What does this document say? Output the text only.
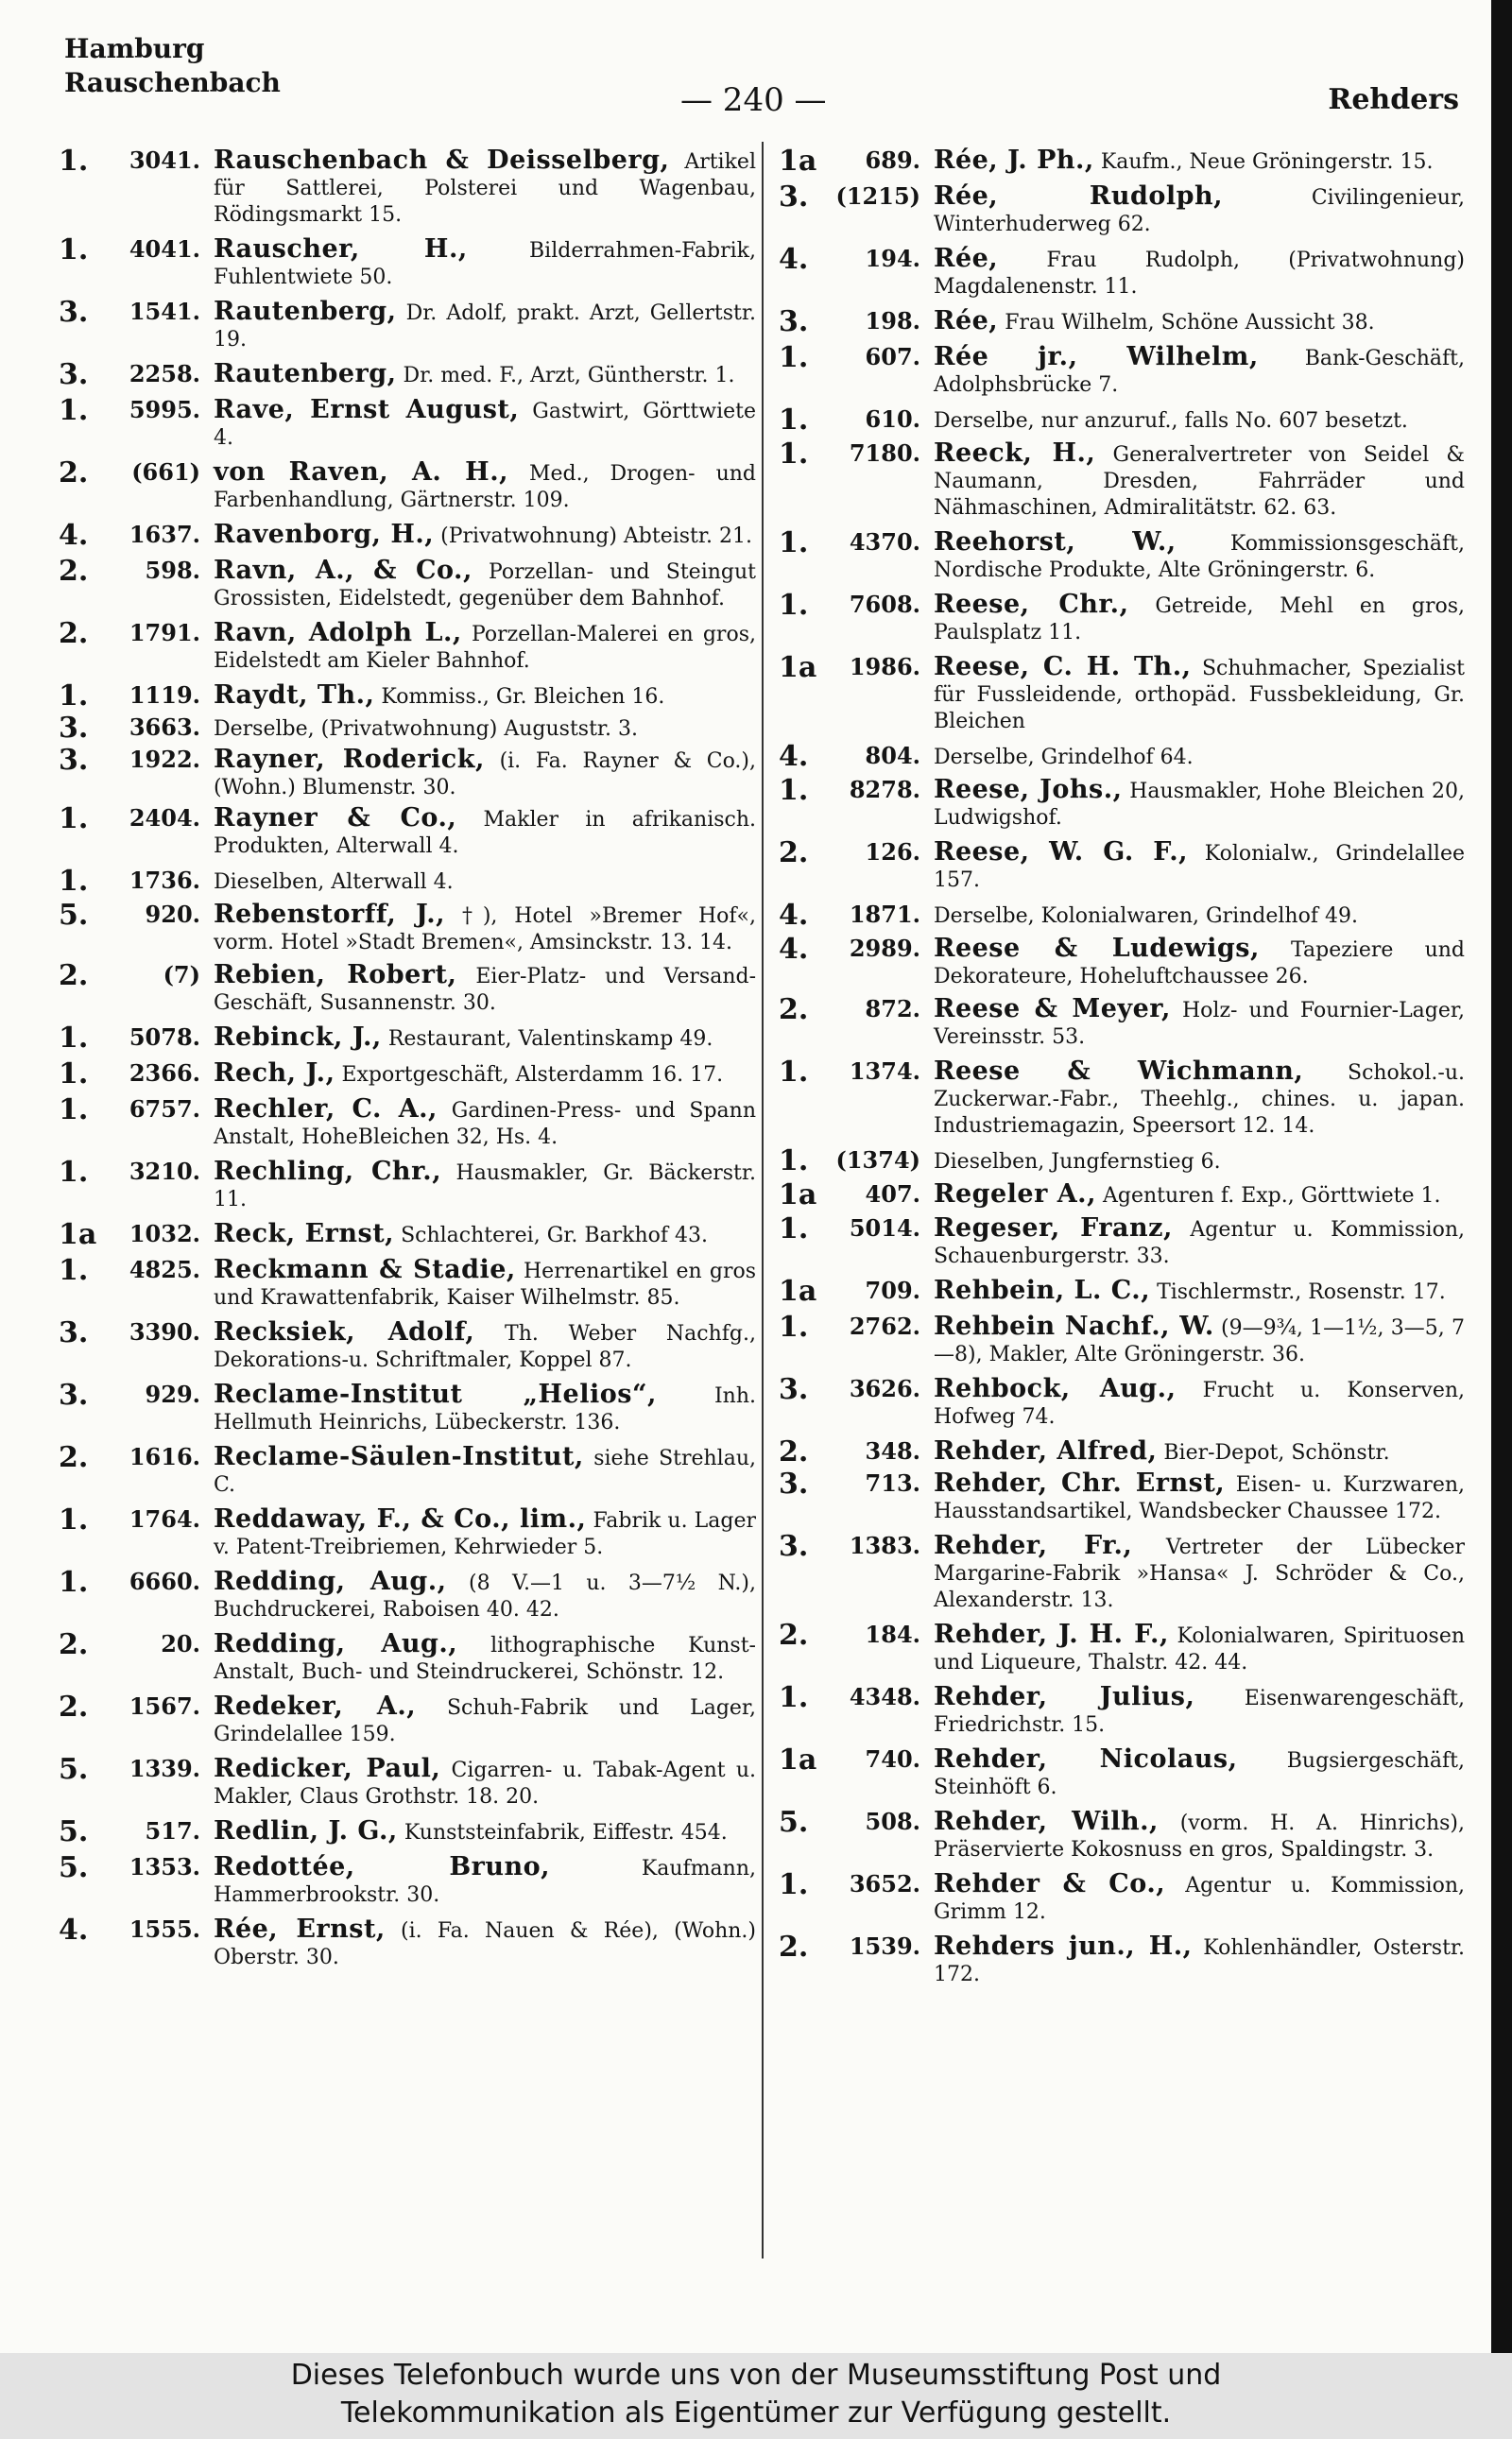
Hamburg
Rauschenbach	— 240 —	Rehders
1.	3041. Rauschenbach & Deisselberg, Artikel für Sattlerei, Polsterei und Wagenbau, Rödingsmarkt 15.
1.	4041. Rauscher, H.,	Bilderrahmen-Fabrik, Fuhlentwiete 50.
3.	1541. Rautenberg, Dr. Adolf, prakt. Arzt, Gellertstr. 19.
3.	2258. Rautenberg, Dr. med. F., Arzt, Güntherstr. 1.
1.	5995. Rave, Ernst August, Gastwirt, Görttwiete 4.
2.	(661) von Raven, A. H., Med., Drogen- und Farbenhandlung, Gärtnerstr. 109.
4.	1637. Ravenborg, H., (Privatwohnung) Abteistr. 21.
2.	598. Ravn, A., & Co., Porzellan- und Steingut Grossisten, Eidelstedt, gegenüber dem Bahnhof.
2.	1791. Ravn, Adolph L., Porzellan-Malerei en gros, Eidelstedt am Kieler Bahnhof.
1.	1119. Raydt, Th., Kommiss., Gr. Bleichen 16.
3.	3663. Derselbe, (Privatwohnung) Auguststr. 3.
3.	1922. Rayner, Roderick, (i. Fa. Rayner & Co.), (Wohn.) Blumenstr. 30.
1.	2404. Rayner & Co., Makler in afrikanisch. Produkten, Alterwall 4.
1.	1736. Dieselben, Alterwall 4.
5.	920. Rebenstorff, J., †), Hotel »Bremer Hof«, vorm. Hotel »Stadt Bremen«, Amsinckstr. 13. 14.
2.	(7) Rebien, Robert, Eier-Platz- und Versand-Geschäft, Susannenstr. 30.
1.	5078. Rebinck, J., Restaurant, Valentinskamp 49.
1.	2366. Rech, J., Exportgeschäft, Alsterdamm 16. 17.
1.	6757. Rechler, C. A., Gardinen-Press- und Spann Anstalt, HoheBleichen 32, Hs. 4.
1.	3210. Rechling, Chr., Hausmakler, Gr. Bäckerstr. 11.
1a	1032. Reck, Ernst, Schlachterei, Gr. Barkhof 43.
1.	4825. Reckmann & Stadie, Herrenartikel en gros und Krawattenfabrik, Kaiser Wilhelmstr. 85.
3.	3390. Recksiek, Adolf, Th. Weber Nachfg., Dekorations-u. Schriftmaler, Koppel 87.
3.	929. Reclame-Institut „Helios“,	Inh. Hellmuth Heinrichs, Lübeckerstr. 136.
2.	1616. Reclame-Säulen-Institut, siehe Strehlau, C.
1.	1764. Reddaway, F., & Co., lim., Fabrik u. Lager v. Patent-Treibriemen, Kehrwieder 5.
1.	6660. Redding, Aug., (8 V.—1 u. 3—7½ N.), Buchdruckerei, Raboisen 40. 42.
2.	20. Redding, Aug., lithographische Kunst-Anstalt, Buch- und Steindruckerei, Schönstr. 12.
2.	1567. Redeker, A., Schuh-Fabrik und Lager, Grindelallee 159.
5.	1339. Redicker, Paul, Cigarren- u. Tabak-Agent u. Makler, Claus Grothstr. 18. 20.
5.	517. Redlin, J. G., Kunststeinfabrik, Eiffestr. 454.
5.	1353. Redottée, Bruno,	Kaufmann, Hammerbrookstr. 30.
4.	1555. Rée, Ernst, (i. Fa. Nauen & Rée), (Wohn.) Oberstr. 30.
1a	689. Rée, J. Ph., Kaufm., Neue Gröningerstr. 15.
3.	(1215) Rée, Rudolph,	Civilingenieur, Winterhuderweg 62.
4.	194. Rée, Frau Rudolph, (Privatwohnung) Magdalenenstr. 11.
3.	198. Rée, Frau Wilhelm, Schöne Aussicht 38.
1.	607. Rée jr., Wilhelm, Bank-Geschäft, Adolphsbrücke 7.
1.	610. Derselbe, nur anzuruf., falls No. 607 besetzt.
1.	7180. Reeck, H., Generalvertreter von Seidel & Naumann, Dresden, Fahrräder und Nähmaschinen, Admiralitätstr. 62. 63.
1.	4370. Reehorst, W.,	Kommissionsgeschäft, Nordische Produkte, Alte Gröningerstr. 6.
1.	7608. Reese, Chr., Getreide, Mehl en gros, Paulsplatz 11.
1a	1986. Reese, C. H. Th., Schuhmacher, Spezialist für Fussleidende, orthopäd. Fussbekleidung, Gr. Bleichen
4.	804. Derselbe, Grindelhof 64.
1.	8278. Reese, Johs., Hausmakler, Hohe Bleichen 20, Ludwigshof.
2.	126. Reese, W. G. F., Kolonialw., Grindelallee 157.
4.	1871. Derselbe, Kolonialwaren, Grindelhof 49.
4.	2989. Reese & Ludewigs, Tapeziere und Dekorateure, Hoheluftchaussee 26.
2.	872. Reese & Meyer, Holz- und Fournier-Lager, Vereinsstr. 53.
1.	1374. Reese & Wichmann, Schokol.-u. Zuckerwar.-Fabr., Theehlg., chines. u. japan. Industriemagazin, Speersort 12. 14.
1.	(1374) Dieselben, Jungfernstieg 6.
1a	407. Regeler A., Agenturen f. Exp., Görttwiete 1.
1.	5014. Regeser, Franz, Agentur u. Kommission, Schauenburgerstr. 33.
1a	709. Rehbein, L. C., Tischlermstr., Rosenstr. 17.
1.	2762. Rehbein Nachf., W. (9—9¾, 1—1½, 3—5, 7—8), Makler, Alte Gröningerstr. 36.
3.	3626. Rehbock, Aug., Frucht u. Konserven, Hofweg 74.
2.	348. Rehder, Alfred, Bier-Depot, Schönstr.
3.	713. Rehder, Chr. Ernst, Eisen- u. Kurzwaren, Hausstandsartikel, Wandsbecker Chaussee 172.
3.	1383. Rehder, Fr., Vertreter der Lübecker Margarine-Fabrik »Hansa« J. Schröder & Co., Alexanderstr. 13.
2.	184. Rehder, J. H. F., Kolonialwaren, Spirituosen und Liqueure, Thalstr. 42. 44.
1.	4348. Rehder, Julius, Eisenwarengeschäft, Friedrichstr. 15.
1a	740. Rehder, Nicolaus, Bugsiergeschäft, Steinhöft 6.
5.	508. Rehder, Wilh., (vorm. H. A. Hinrichs), Präservierte Kokosnuss en gros, Spaldingstr. 3.
1.	3652. Rehder & Co., Agentur u. Kommission, Grimm 12.
2.	1539. Rehders jun., H., Kohlenhändler, Osterstr. 172.
Dieses Telefonbuch wurde uns von der Museumsstiftung Post und
Telekommunikation als Eigentümer zur Verfügung gestellt.
